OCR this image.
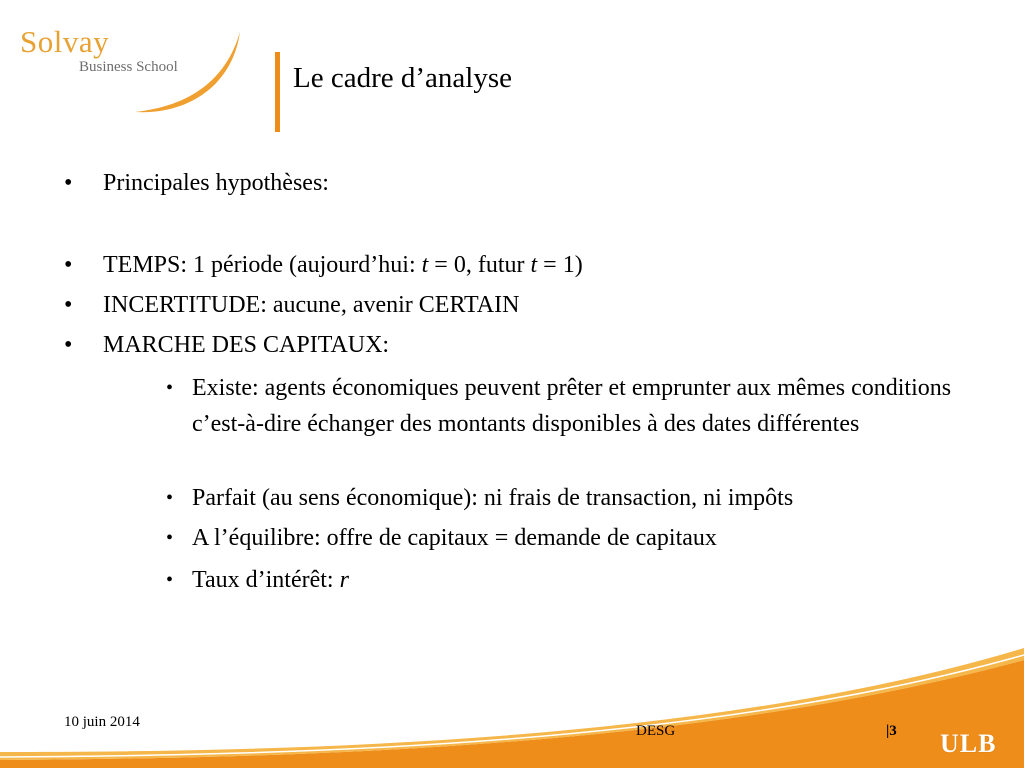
Solvay
Business School	Le cadre d’analyse
• Principales hypothèses:
• TEMPS: 1 période (aujourd’hui: t = 0, futur t = 1)
• INCERTITUDE: aucune, avenir CERTAIN
• MARCHE DES CAPITAUX:
• Existe: agents économiques peuvent prêter et emprunter aux mêmes conditions c’est-à-dire échanger des montants disponibles à des dates différentes
• Parfait (au sens économique): ni frais de transaction, ni impôts
• A l’équilibre: offre de capitaux = demande de capitaux
• Taux d’intérêt: r
10 juin 2014
DESG	|3 ULB
